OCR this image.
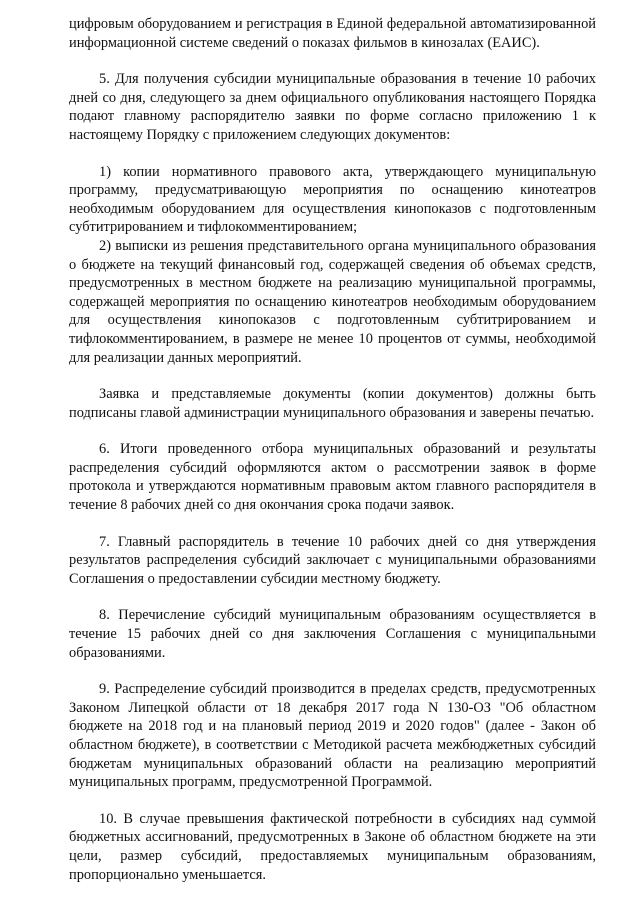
цифровым оборудованием и регистрация в Единой федеральной автоматизированной информационной системе сведений о показах фильмов в кинозалах (ЕАИС).

5. Для получения субсидии муниципальные образования в течение 10 рабочих дней со дня, следующего за днем официального опубликования настоящего Порядка подают главному распорядителю заявки по форме согласно приложению 1 к настоящему Порядку с приложением следующих документов:

1) копии нормативного правового акта, утверждающего муниципальную программу, предусматривающую мероприятия по оснащению кинотеатров необходимым оборудованием для осуществления кинопоказов с подготовленным субтитрированием и тифлокомментированием;

2) выписки из решения представительного органа муниципального образования о бюджете на текущий финансовый год, содержащей сведения об объемах средств, предусмотренных в местном бюджете на реализацию муниципальной программы, содержащей мероприятия по оснащению кинотеатров необходимым оборудованием для осуществления кинопоказов с подготовленным субтитрированием и тифлокомментированием, в размере не менее 10 процентов от суммы, необходимой для реализации данных мероприятий.

Заявка и представляемые документы (копии документов) должны быть подписаны главой администрации муниципального образования и заверены печатью.

6. Итоги проведенного отбора муниципальных образований и результаты распределения субсидий оформляются актом о рассмотрении заявок в форме протокола и утверждаются нормативным правовым актом главного распорядителя в течение 8 рабочих дней со дня окончания срока подачи заявок.

7. Главный распорядитель в течение 10 рабочих дней со дня утверждения результатов распределения субсидий заключает с муниципальными образованиями Соглашения о предоставлении субсидии местному бюджету.

8. Перечисление субсидий муниципальным образованиям осуществляется в течение 15 рабочих дней со дня заключения Соглашения с муниципальными образованиями.

9. Распределение субсидий производится в пределах средств, предусмотренных Законом Липецкой области от 18 декабря 2017 года N 130-ОЗ "Об областном бюджете на 2018 год и на плановый период 2019 и 2020 годов" (далее - Закон об областном бюджете), в соответствии с Методикой расчета межбюджетных субсидий бюджетам муниципальных образований области на реализацию мероприятий муниципальных программ, предусмотренной Программой.

10. В случае превышения фактической потребности в субсидиях над суммой бюджетных ассигнований, предусмотренных в Законе об областном бюджете на эти цели, размер субсидий, предоставляемых муниципальным образованиям, пропорционально уменьшается.
